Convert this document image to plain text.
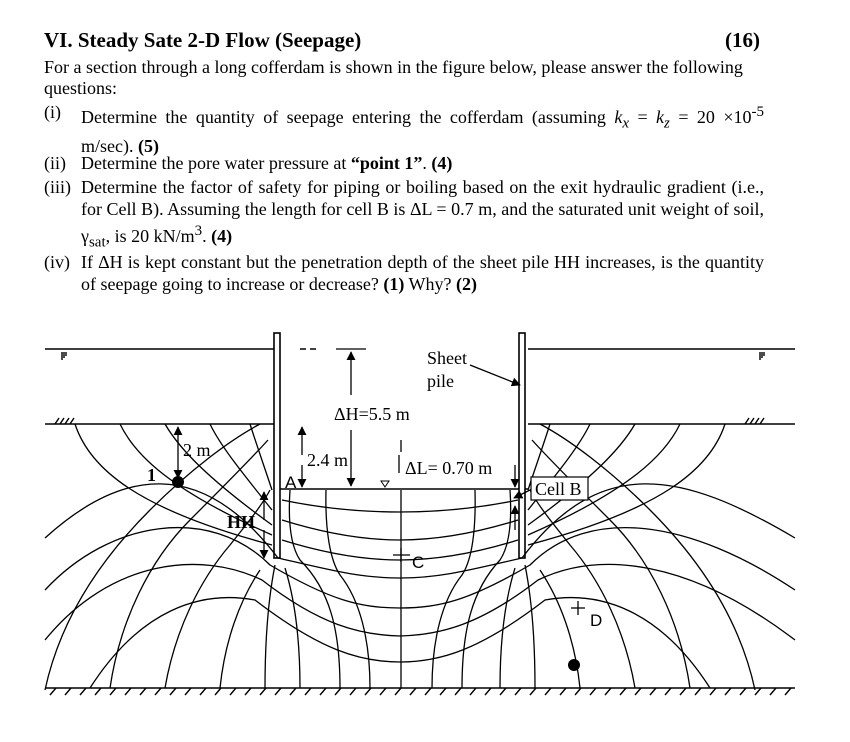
VI. Steady Sate 2-D Flow (Seepage)	(16)
For a section through a long cofferdam is shown in the figure below, please answer the following questions:
(i) Determine the quantity of seepage entering the cofferdam (assuming $k_x = k_z = 20 \times 10^{-5}$ m/sec). (5)
(ii) Determine the pore water pressure at “point 1”. (4)
(iii) Determine the factor of safety for piping or boiling based on the exit hydraulic gradient (i.e., for Cell B). Assuming the length for cell B is ΔL = 0.7 m, and the saturated unit weight of soil, $\gamma_{sat}$, is 20 $kN/m^3$. (4)
(iv) If ΔH is kept constant but the penetration depth of the sheet pile HH increases, is the quantity of seepage going to increase or decrease? (1) Why? (2)
Sheet
pile
ΔH=5.5 m
2 m	2.4 m	ΔL= 0.70 m
1	A
C
D
Cell B
HH
